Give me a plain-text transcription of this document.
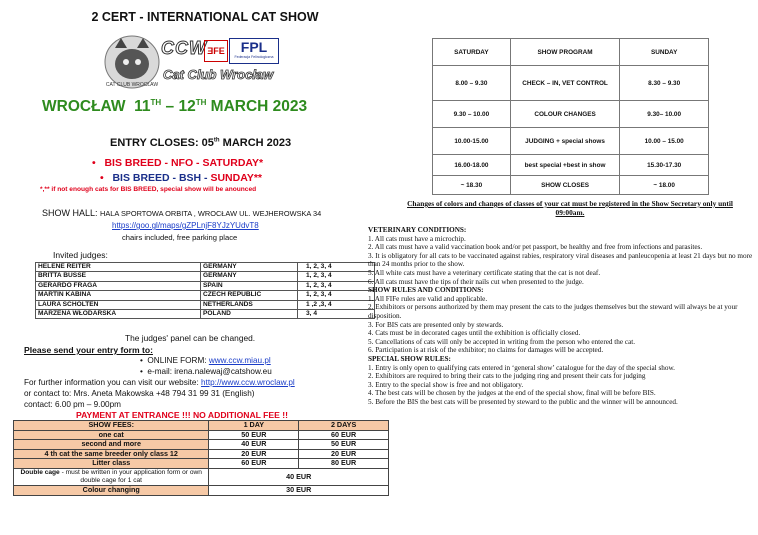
2 CERT - INTERNATIONAL CAT SHOW
CAT CLUB WROCŁAW
CCW ƎFE	FPL
Federacja Felinologiczna
Cat Club Wrocław
WROCŁAW 11TH – 12TH MARCH 2023
ENTRY CLOSES: 05th MARCH 2023
•   BIS BREED - NFO - SATURDAY*
•   BIS BREED - BSH - SUNDAY**
*,** if not enough cats for BIS BREED, special show will be anounced
SHOW HALL: HALA SPORTOWA ORBITA , WROCŁAW UL. WEJHEROWSKA 34
https://goo.gl/maps/gZPLnjF8YJzYUdvT8
chairs included, free parking place
Invited judges:
HELENE REITER	GERMANY	1, 2, 3, 4
BRITTA BUSSE	GERMANY	1, 2, 3, 4
GERARDO FRAGA	SPAIN	1, 2, 3, 4
MARTIN KABINA	CZECH REPUBLIC	1, 2, 3, 4
LAURA SCHOLTEN	NETHERLANDS	1 ,2 ,3, 4
MARZENA WŁODARSKA	POLAND	3, 4
The judges' panel can be changed.
Please send your entry form to:
•  ONLINE FORM: www.ccw.miau.pl
•  e-mail: irena.nalewaj@catshow.eu
For further information you can visit our website: http://www.ccw.wroclaw.pl
or contact to: Mrs. Aneta Makowska +48 794 31 99 31 (English)
contact: 6.00 pm – 9.00pm
PAYMENT AT ENTRANCE !!! NO ADDITIONAL FEE !!
SHOW FEES:	1 DAY	2 DAYS
one cat	50 EUR	60 EUR
second and more	40 EUR	50 EUR
4 th cat the same breeder only class 12	20 EUR	20 EUR
Litter class	60 EUR	80 EUR
Double cage - must be written in your application form or own double cage for 1 cat	40 EUR	
Colour changing	30 EUR	
SATURDAY	SHOW PROGRAM	SUNDAY
8.00 – 9.30	CHECK – IN, VET CONTROL	8.30 – 9.30
9.30 – 10.00	COLOUR CHANGES	9.30– 10.00
10.00-15.00	JUDGING + special shows	10.00 – 15.00
16.00-18.00	best special +best in show	15.30-17.30
~ 18.30	SHOW CLOSES	~ 18.00
Changes of colors and changes of classes of your cat must be registered in the Show Secretary only until 09:00am.
VETERINARY CONDITIONS:
1. All cats must have a microchip.
2. All cats must have a valid vaccination book and/or pet passport, be healthy and free from infections and parasites.
3. It is obligatory for all cats to be vaccinated against rabies, respiratory viral diseases and panleucopenia at least 21 days but no more than 24 months prior to the show.
5. All white cats must have a veterinary certificate stating that the cat is not deaf.
6. All cats must have the tips of their nails cut when presented to the judge.
SHOW RULES AND CONDITIONS:
1. All FIFe rules are valid and applicable.
2. Exhibitors or persons authorized by them may present the cats to the judges themselves but the steward will always be at your disposition.
3. For BIS cats are presented only by stewards.
4. Cats must be in decorated cages until the exhibition is officially closed.
5. Cancellations of cats will only be accepted in writing from the person who entered the cat.
6. Participation is at risk of the exhibitor; no claims for damages will be accepted.
SPECIAL SHOW RULES:
1. Entry is only open to qualifying cats entered in ‘general show’ catalogue for the day of the special show.
2. Exhibitors are required to bring their cats to the judging ring and present their cats for judging
3. Entry to the special show is free and not obligatory.
4. The best cats will be chosen by the judges at the end of the special show, final will be before BIS.
5. Before the BIS the best cats will be presented by steward to the public and the winner will be announced.
